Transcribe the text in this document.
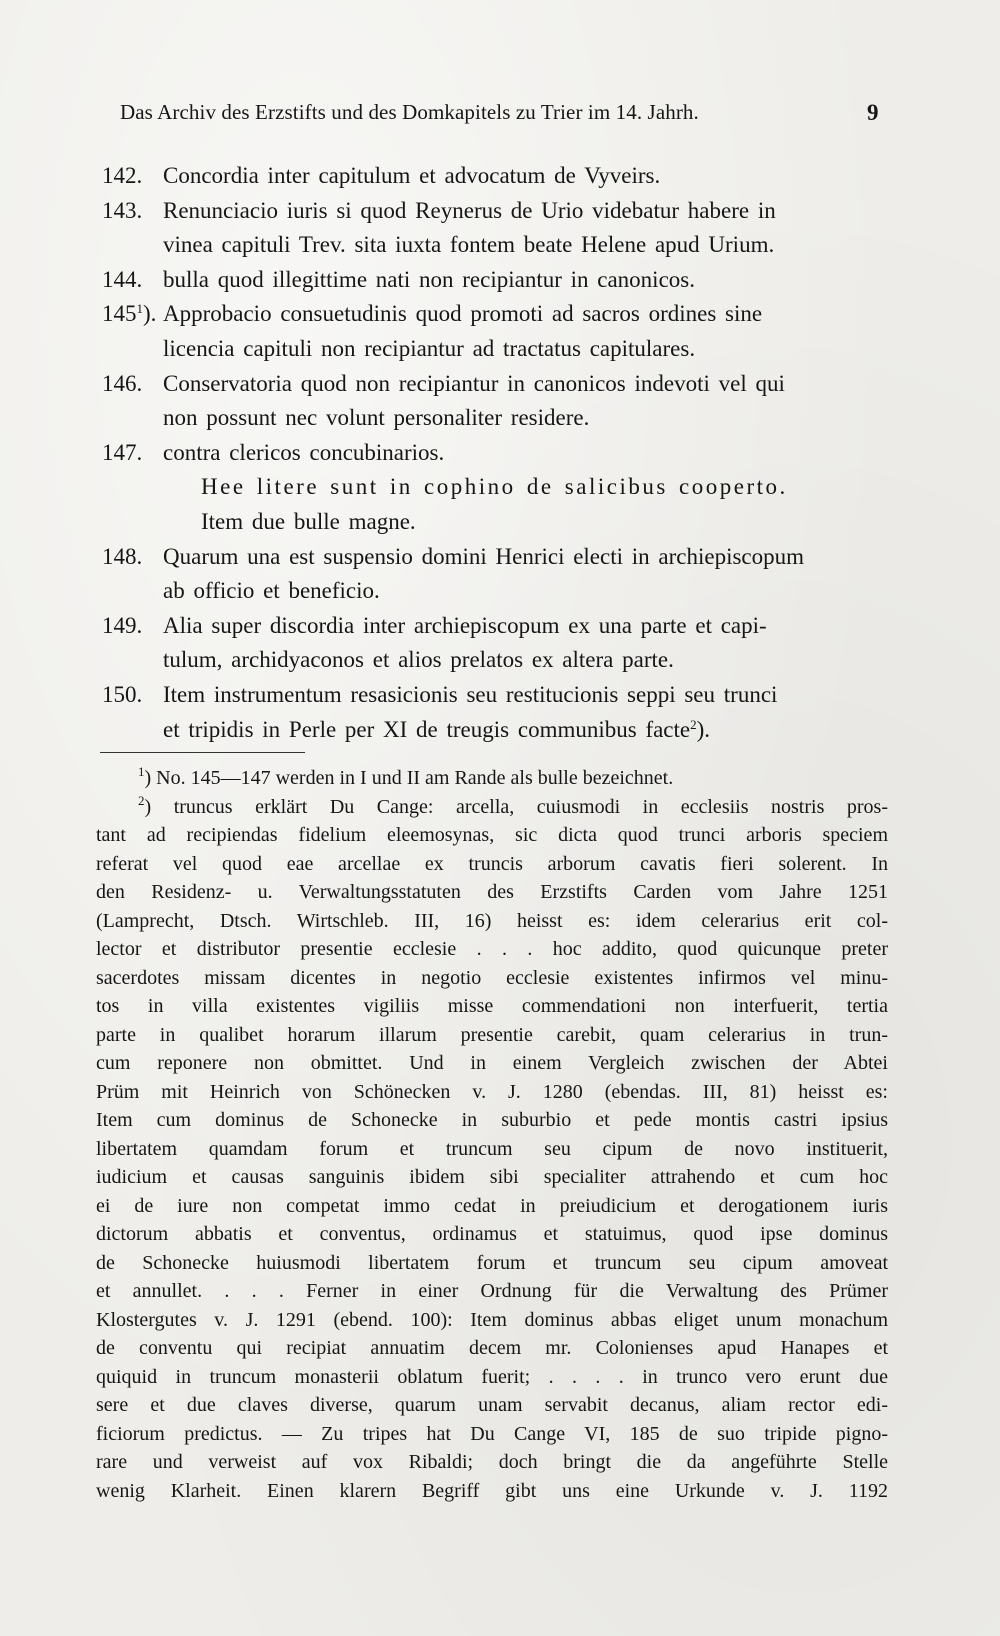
Das Archiv des Erzstifts und des Domkapitels zu Trier im 14. Jahrh.	9
142. Concordia inter capitulum et advocatum de Vyveirs.
143. Renunciacio iuris si quod Reynerus de Urio videbatur habere in
vinea capituli Trev. sita iuxta fontem beate Helene apud Urium.
144. bulla quod illegittime nati non recipiantur in canonicos.
$145^1$). Approbacio consuetudinis quod promoti ad sacros ordines sine
licencia capituli non recipiantur ad tractatus capitulares.
146. Conservatoria quod non recipiantur in canonicos indevoti vel qui
non possunt nec volunt personaliter residere.
147. contra clericos concubinarios.
Hee litere sunt in cophino de salicibus cooperto.
Item due bulle magne.
148. Quarum una est suspensio domini Henrici electi in archiepiscopum
ab officio et beneficio.
149. Alia super discordia inter archiepiscopum ex una parte et capi-
tulum, archidyaconos et alios prelatos ex altera parte.
150. Item instrumentum resasicionis seu restitucionis seppi seu trunci
et tripidis in Perle per XI de treugis communibus facte$^2$).
$^1$) No. 145—147 werden in I und II am Rande als bulle bezeichnet.
$^2$) truncus erklärt Du Cange: arcella, cuiusmodi in ecclesiis nostris pros-
tant ad recipiendas fidelium eleemosynas, sic dicta quod trunci arboris speciem
referat vel quod eae arcellae ex truncis arborum cavatis fieri solerent. In
den Residenz- u. Verwaltungsstatuten des Erzstifts Carden vom Jahre 1251
(Lamprecht, Dtsch. Wirtschleb. III, 16) heisst es: idem celerarius erit col-
lector et distributor presentie ecclesie . . . hoc addito, quod quicunque preter
sacerdotes missam dicentes in negotio ecclesie existentes infirmos vel minu-
tos in villa existentes vigiliis misse commendationi non interfuerit, tertia
parte in qualibet horarum illarum presentie carebit, quam celerarius in trun-
cum reponere non obmittet. Und in einem Vergleich zwischen der Abtei
Prüm mit Heinrich von Schönecken v. J. 1280 (ebendas. III, 81) heisst es:
Item cum dominus de Schonecke in suburbio et pede montis castri ipsius
libertatem quamdam forum et truncum seu cipum de novo instituerit,
iudicium et causas sanguinis ibidem sibi specialiter attrahendo et cum hoc
ei de iure non competat immo cedat in preiudicium et derogationem iuris
dictorum abbatis et conventus, ordinamus et statuimus, quod ipse dominus
de Schonecke huiusmodi libertatem forum et truncum seu cipum amoveat
et annullet. . . . Ferner in einer Ordnung für die Verwaltung des Prümer
Klostergutes v. J. 1291 (ebend. 100): Item dominus abbas eliget unum monachum
de conventu qui recipiat annuatim decem mr. Colonienses apud Hanapes et
quiquid in truncum monasterii oblatum fuerit; . . . . in trunco vero erunt due
sere et due claves diverse, quarum unam servabit decanus, aliam rector edi-
ficiorum predictus. — Zu tripes hat Du Cange VI, 185 de suo tripide pigno-
rare und verweist auf vox Ribaldi; doch bringt die da angeführte Stelle
wenig Klarheit. Einen klarern Begriff gibt uns eine Urkunde v. J. 1192
